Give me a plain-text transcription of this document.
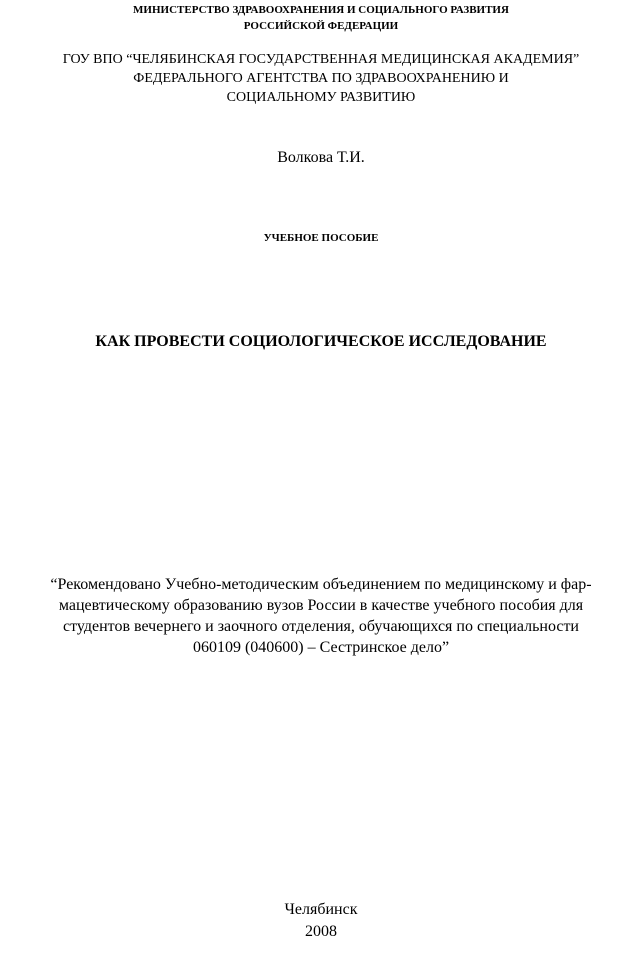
МИНИСТЕРСТВО ЗДРАВООХРАНЕНИЯ И СОЦИАЛЬНОГО РАЗВИТИЯ
РОССИЙСКОЙ ФЕДЕРАЦИИ
ГОУ ВПО “ЧЕЛЯБИНСКАЯ ГОСУДАРСТВЕННАЯ МЕДИЦИНСКАЯ АКАДЕМИЯ”
ФЕДЕРАЛЬНОГО АГЕНТСТВА ПО ЗДРАВООХРАНЕНИЮ И
СОЦИАЛЬНОМУ РАЗВИТИЮ
Волкова Т.И.
УЧЕБНОЕ ПОСОБИЕ
КАК ПРОВЕСТИ СОЦИОЛОГИЧЕСКОЕ ИССЛЕДОВАНИЕ
“Рекомендовано Учебно-методическим объединением по медицинскому и фар-
мацевтическому образованию вузов России в качестве учебного пособия для
студентов вечернего и заочного отделения, обучающихся по специальности
060109 (040600) – Сестринское дело”
Челябинск
2008
